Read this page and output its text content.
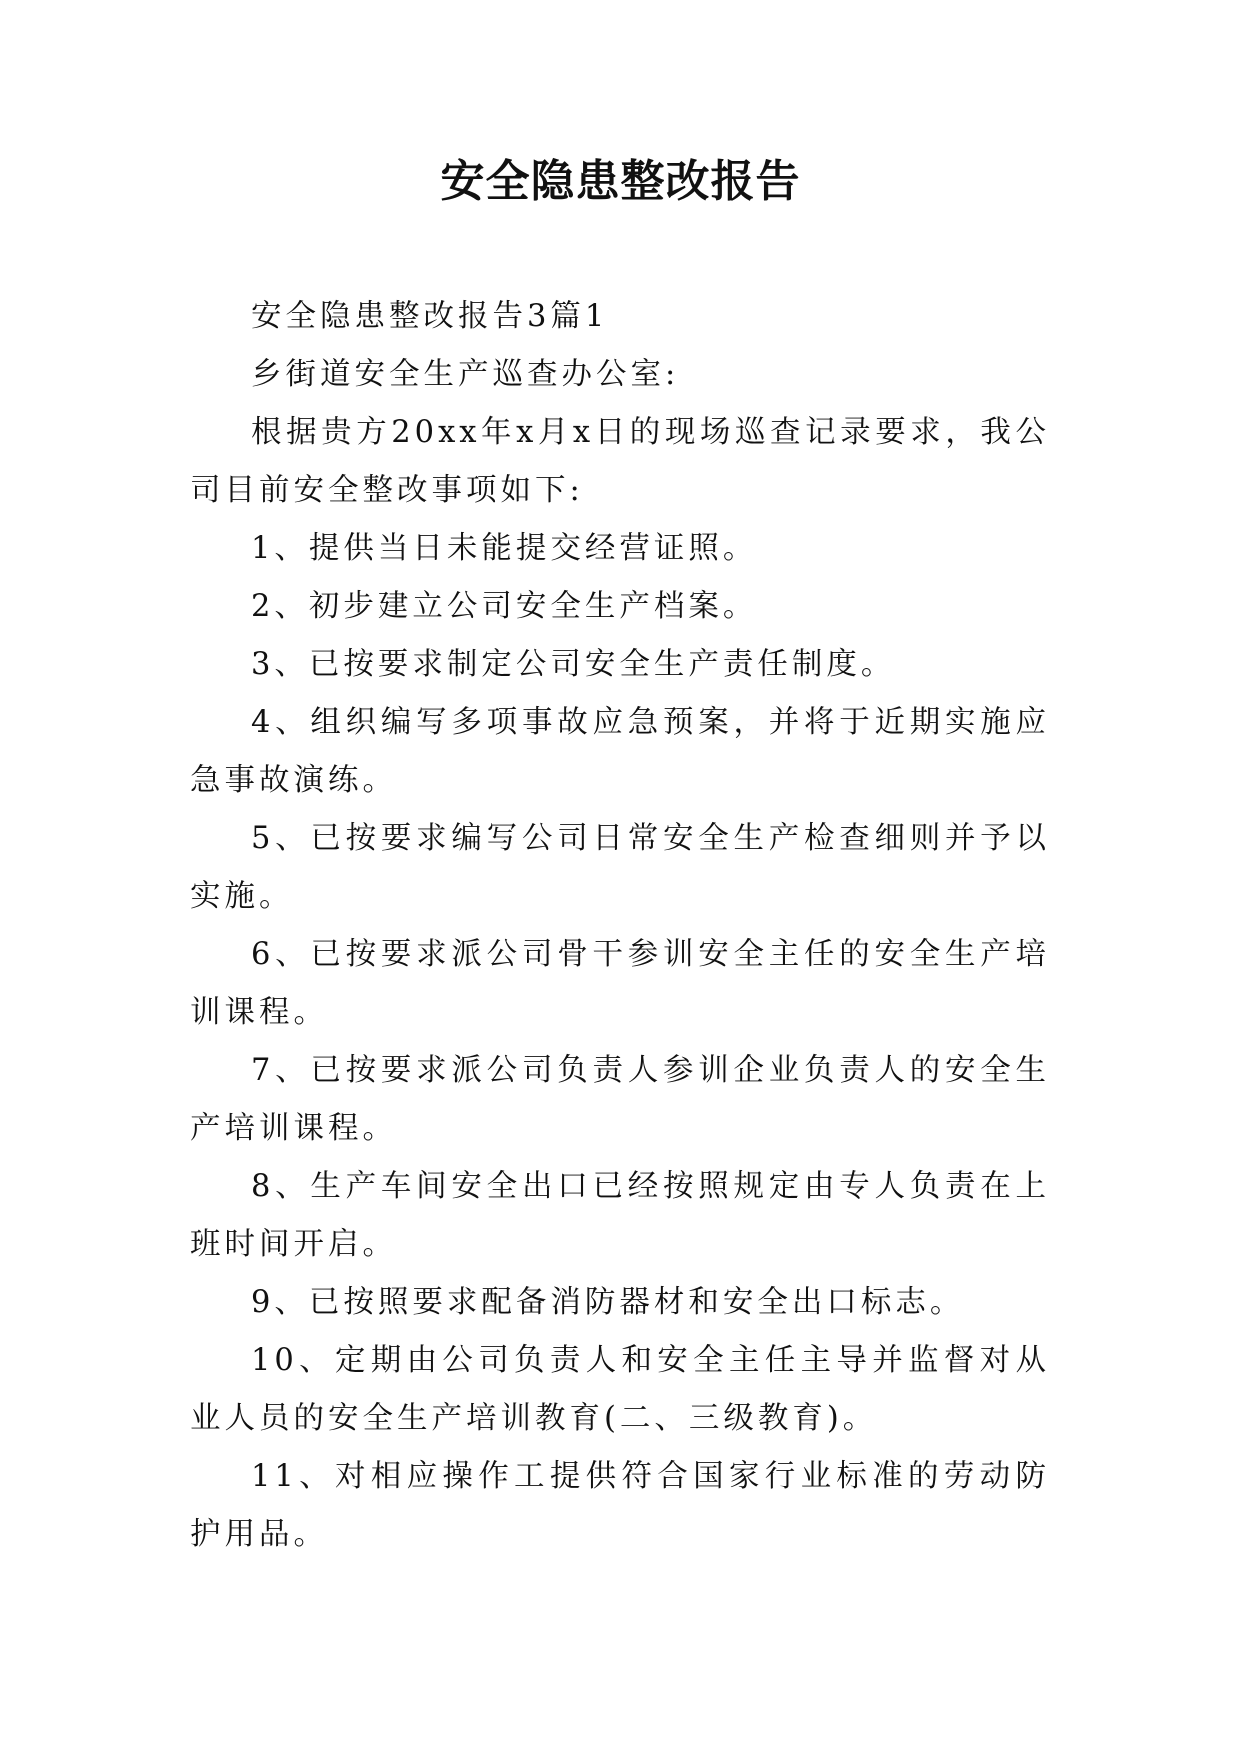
安全隐患整改报告

安全隐患整改报告3篇1

乡街道安全生产巡查办公室:

根据贵方20xx年x月x日的现场巡查记录要求，我公司目前安全整改事项如下:

1、提供当日未能提交经营证照。

2、初步建立公司安全生产档案。

3、已按要求制定公司安全生产责任制度。

4、组织编写多项事故应急预案，并将于近期实施应急事故演练。

5、已按要求编写公司日常安全生产检查细则并予以实施。

6、已按要求派公司骨干参训安全主任的安全生产培训课程。

7、已按要求派公司负责人参训企业负责人的安全生产培训课程。

8、生产车间安全出口已经按照规定由专人负责在上班时间开启。

9、已按照要求配备消防器材和安全出口标志。

10、定期由公司负责人和安全主任主导并监督对从业人员的安全生产培训教育(二、三级教育)。

11、对相应操作工提供符合国家行业标准的劳动防护用品。
